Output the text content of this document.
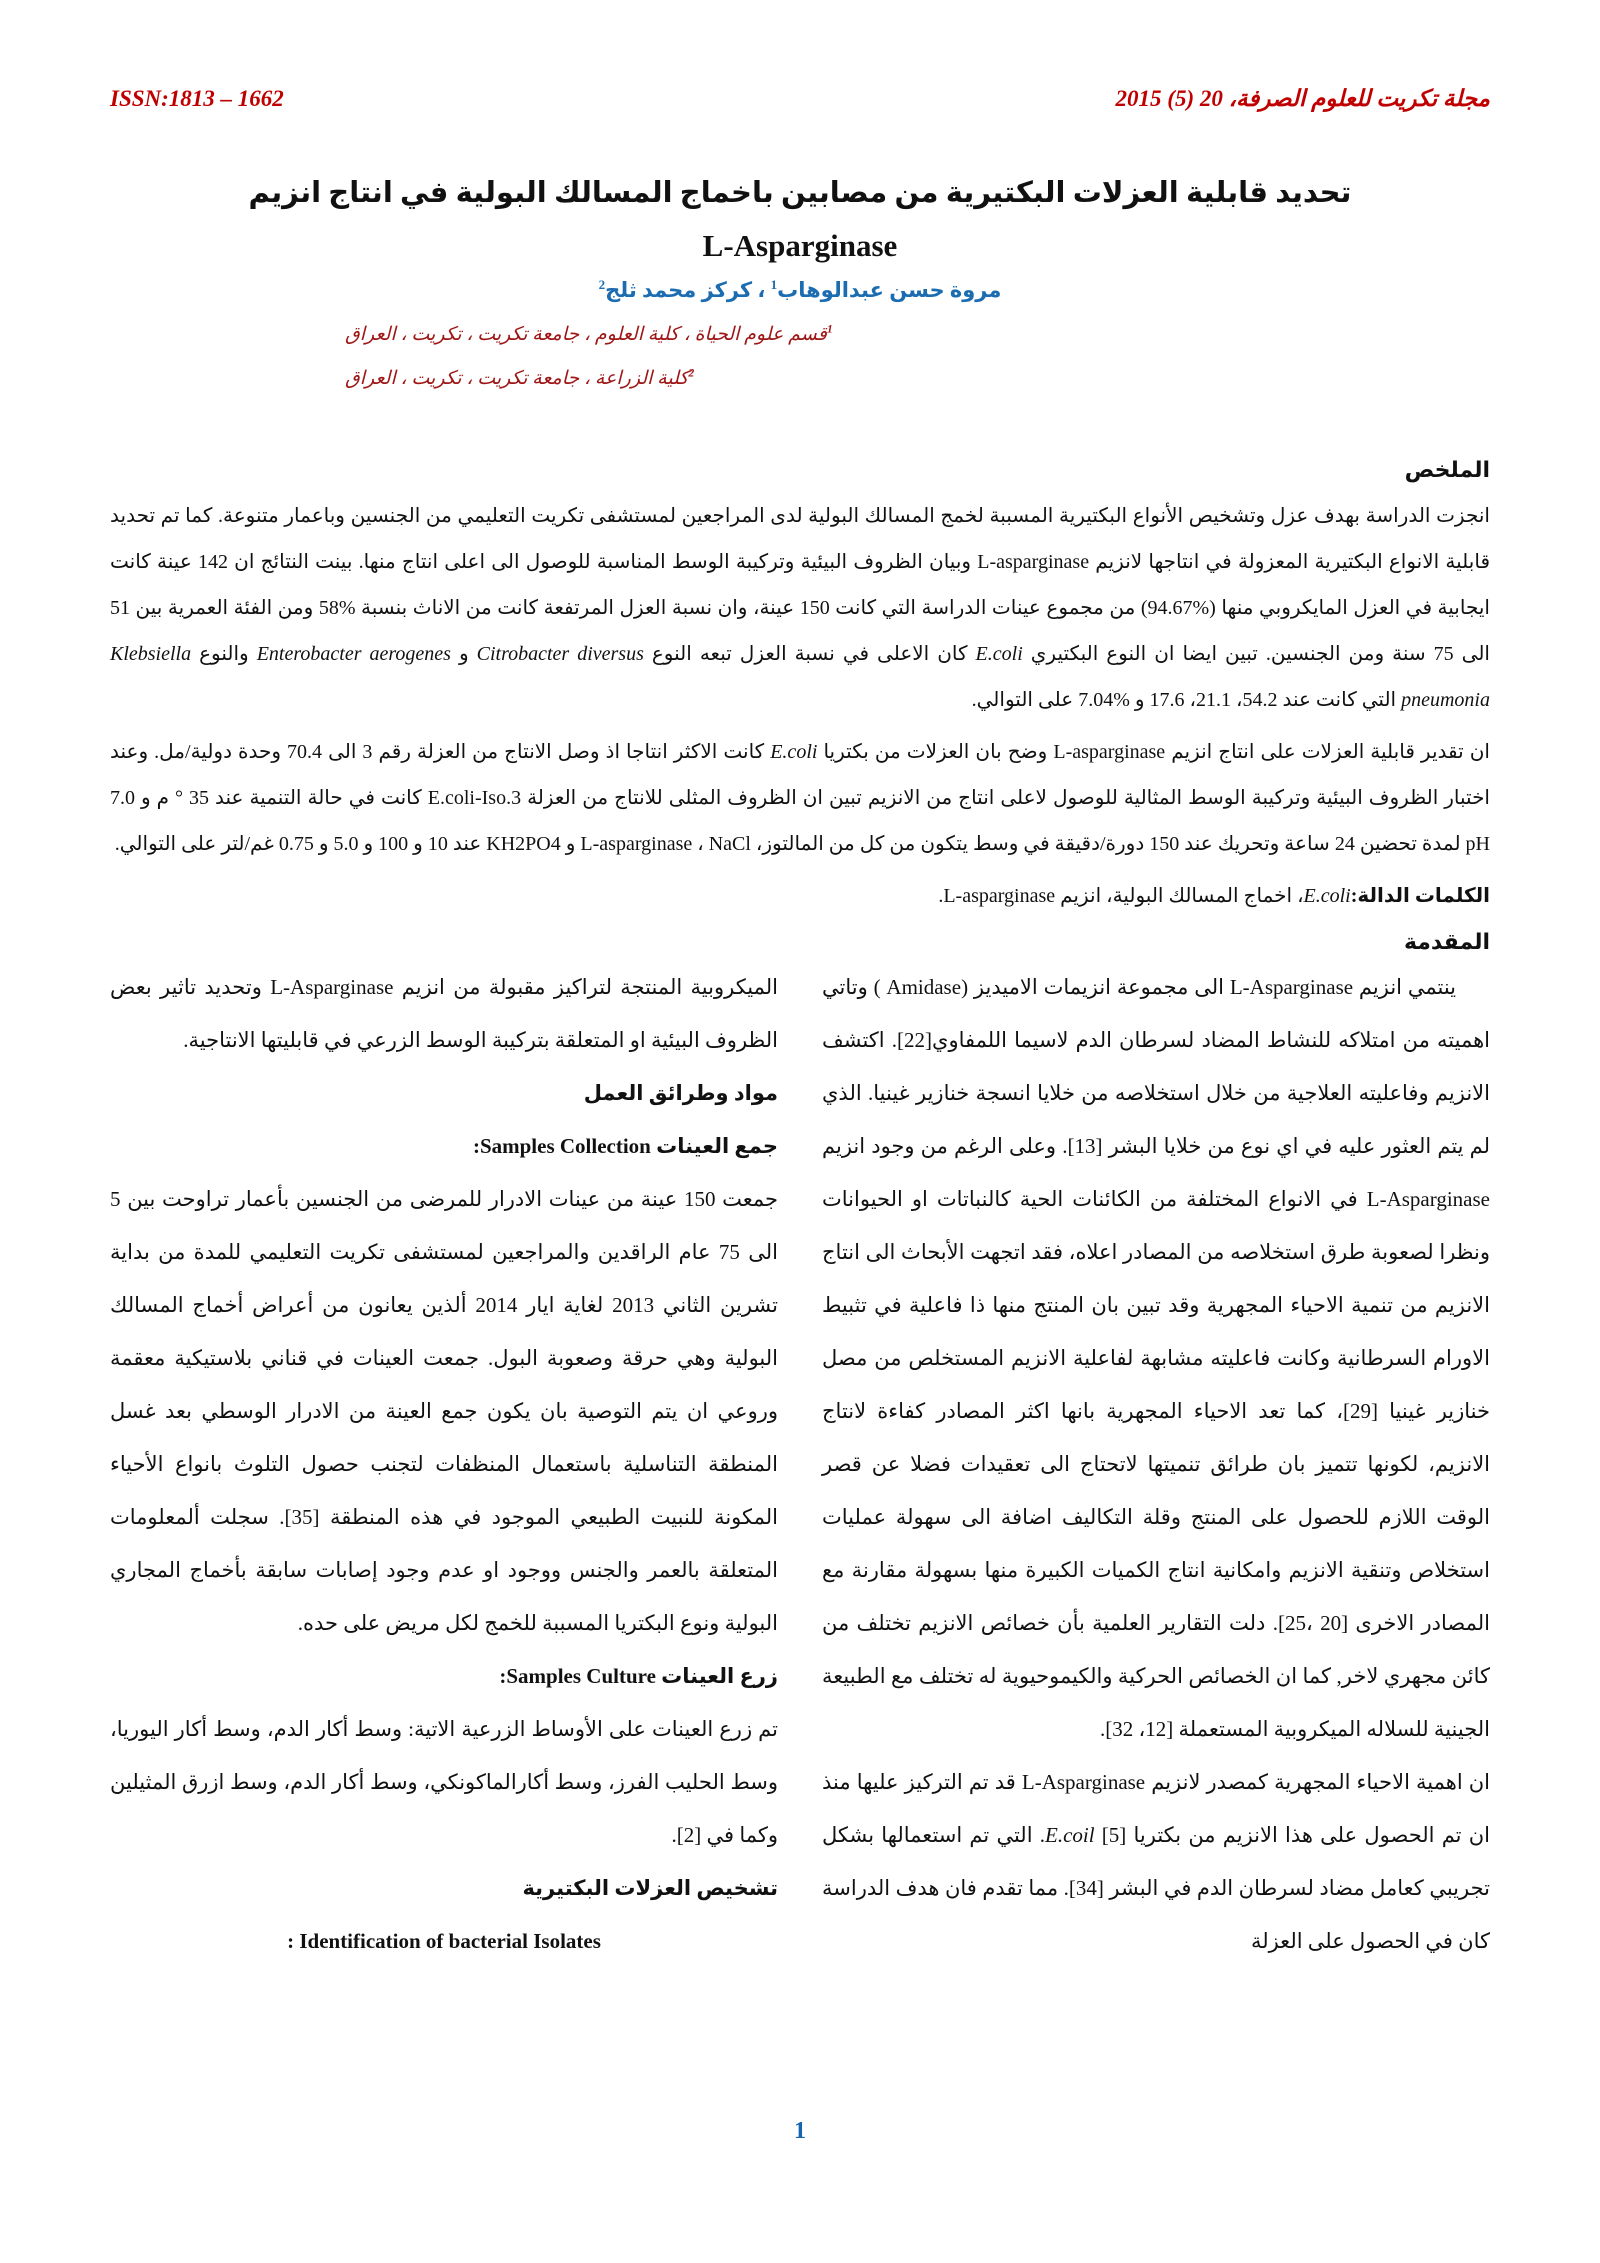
ISSN:1813 – 1662	مجلة تكريت للعلوم الصرفة، 20 (5) 2015
تحديد قابلية العزلات البكتيرية من مصابين باخماج المسالك البولية في انتاج انزيم
L-Asparginase
مروة حسن عبدالوهاب$^1$ ، كركز محمد ثلج$^2$
$^1$قسم علوم الحياة ، كلية العلوم ، جامعة تكريت ، تكريت ، العراق
$^2$كلية الزراعة ، جامعة تكريت ، تكريت ، العراق
الملخص

انجزت الدراسة بهدف عزل وتشخيص الأنواع البكتيرية المسببة لخمج المسالك البولية لدى المراجعين لمستشفى تكريت التعليمي من الجنسين وباعمار متنوعة. كما تم تحديد قابلية الانواع البكتيرية المعزولة في انتاجها لانزيم L-asparginase وبيان الظروف البيئية وتركيبة الوسط المناسبة للوصول الى اعلى انتاج منها. بينت النتائج ان 142 عينة كانت ايجابية في العزل المايكروبي منها (%94.67) من مجموع عينات الدراسة التي كانت 150 عينة، وان نسبة العزل المرتفعة كانت من الاناث بنسبة %58 ومن الفئة العمرية بين 51 الى 75 سنة ومن الجنسين. تبين ايضا ان النوع البكتيري E.coli كان الاعلى في نسبة العزل تبعه النوع Citrobacter diversus و Enterobacter aerogenes والنوع Klebsiella pneumonia التي كانت عند 54.2، 21.1، 17.6 و %7.04 على التوالي.

ان تقدير قابلية العزلات على انتاج انزيم L-asparginase وضح بان العزلات من بكتريا E.coli كانت الاكثر انتاجا اذ وصل الانتاج من العزلة رقم 3 الى 70.4 وحدة دولية/مل. وعند اختبار الظروف البيئية وتركيبة الوسط المثالية للوصول لاعلى انتاج من الانزيم تبين ان الظروف المثلى للانتاج من العزلة E.coli-Iso.3 كانت في حالة التنمية عند 35 ° م و 7.0 pH لمدة تحضين 24 ساعة وتحريك عند 150 دورة/دقيقة في وسط يتكون من كل من المالتوز، L-asparginase ، NaCl و KH2PO4 عند 10 و 100 و 5.0 و 0.75 غم/لتر على التوالي.

الكلمات الدالة:E.coli، اخماج المسالك البولية، انزيم L-asparginase.

المقدمة

ينتمي انزيم L-Asparginase الى مجموعة انزيمات الاميديز (Amidase ) وتاتي اهميته من امتلاكه للنشاط المضاد لسرطان الدم لاسيما اللمفاوي[22]. اكتشف الانزيم وفاعليته العلاجية من خلال استخلاصه من خلايا انسجة خنازير غينيا. الذي لم يتم العثور عليه في اي نوع من خلايا البشر [13]. وعلى الرغم من وجود انزيم L-Asparginase في الانواع المختلفة من الكائنات الحية كالنباتات او الحيوانات ونظرا لصعوبة طرق استخلاصه من المصادر اعلاه، فقد اتجهت الأبحاث الى انتاج الانزيم من تنمية الاحياء المجهرية وقد تبين بان المنتج منها ذا فاعلية في تثبيط الاورام السرطانية وكانت فاعليته مشابهة لفاعلية الانزيم المستخلص من مصل خنازير غينيا [29]، كما تعد الاحياء المجهرية بانها اكثر المصادر كفاءة لانتاج الانزيم، لكونها تتميز بان طرائق تنميتها لاتحتاج الى تعقيدات فضلا عن قصر الوقت اللازم للحصول على المنتج وقلة التكاليف اضافة الى سهولة عمليات استخلاص وتنقية الانزيم وامكانية انتاج الكميات الكبيرة منها بسهولة مقارنة مع المصادر الاخرى [20 ،25]. دلت التقارير العلمية بأن خصائص الانزيم تختلف من كائن مجهري لاخر, كما ان الخصائص الحركية والكيموحيوية له تختلف مع الطبيعة الجينية للسلاله الميكروبية المستعملة [12، 32].

ان اهمية الاحياء المجهرية كمصدر لانزيم L-Asparginase قد تم التركيز عليها منذ ان تم الحصول على هذا الانزيم من بكتريا E.coil [5]. التي تم استعمالها بشكل تجريبي كعامل مضاد لسرطان الدم في البشر [34]. مما تقدم فان هدف الدراسة كان في الحصول على العزلة

الميكروبية المنتجة لتراكيز مقبولة من انزيم L-Asparginase وتحديد تاثير بعض الظروف البيئية او المتعلقة بتركيبة الوسط الزرعي في قابليتها الانتاجية.

مواد وطرائق العمل
جمع العينات Samples Collection:

جمعت 150 عينة من عينات الادرار للمرضى من الجنسين بأعمار تراوحت بين 5 الى 75 عام الراقدين والمراجعين لمستشفى تكريت التعليمي للمدة من بداية تشرين الثاني 2013 لغاية ايار 2014 ألذين يعانون من أعراض أخماج المسالك البولية وهي حرقة وصعوبة البول. جمعت العينات في قناني بلاستيكية معقمة وروعي ان يتم التوصية بان يكون جمع العينة من الادرار الوسطي بعد غسل المنطقة التناسلية باستعمال المنظفات لتجنب حصول التلوث بانواع الأحياء المكونة للنبيت الطبيعي الموجود في هذه المنطقة [35]. سجلت ألمعلومات المتعلقة بالعمر والجنس ووجود او عدم وجود إصابات سابقة بأخماج المجاري البولية ونوع البكتريا المسببة للخمج لكل مريض على حده.

زرع العينات Samples Culture:

تم زرع العينات على الأوساط الزرعية الاتية: وسط أكار الدم، وسط أكار اليوريا، وسط الحليب الفرز، وسط أكارالماكونكي، وسط أكار الدم، وسط ازرق المثيلين وكما في [2].

تشخيص العزلات البكتيرية
: Identification of bacterial Isolates
1
